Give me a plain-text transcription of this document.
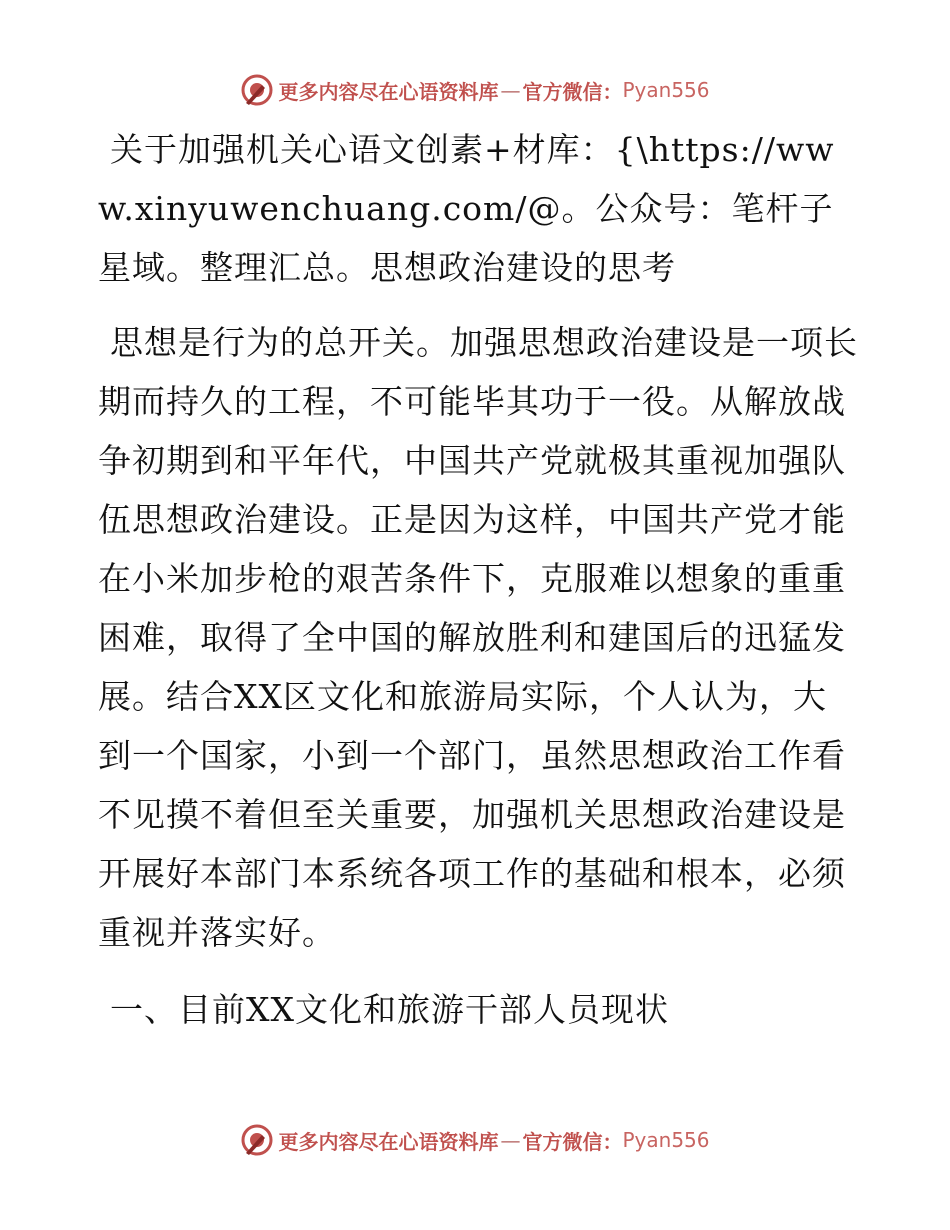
更多内容尽在心语资料库 — 官方微信： Pyan556

关于加强机关心语文创素+材库：{\https://www.xinyuwenchuang.com/@。公众号：笔杆子星域。整理汇总。思想政治建设的思考

思想是行为的总开关。加强思想政治建设是一项长期而持久的工程，不可能毕其功于一役。从解放战争初期到和平年代，中国共产党就极其重视加强队伍思想政治建设。正是因为这样，中国共产党才能在小米加步枪的艰苦条件下，克服难以想象的重重困难，取得了全中国的解放胜利和建国后的迅猛发展。结合XX区文化和旅游局实际，个人认为，大到一个国家，小到一个部门，虽然思想政治工作看不见摸不着但至关重要，加强机关思想政治建设是开展好本部门本系统各项工作的基础和根本，必须重视并落实好。

一、目前XX文化和旅游干部人员现状

更多内容尽在心语资料库 — 官方微信： Pyan556
